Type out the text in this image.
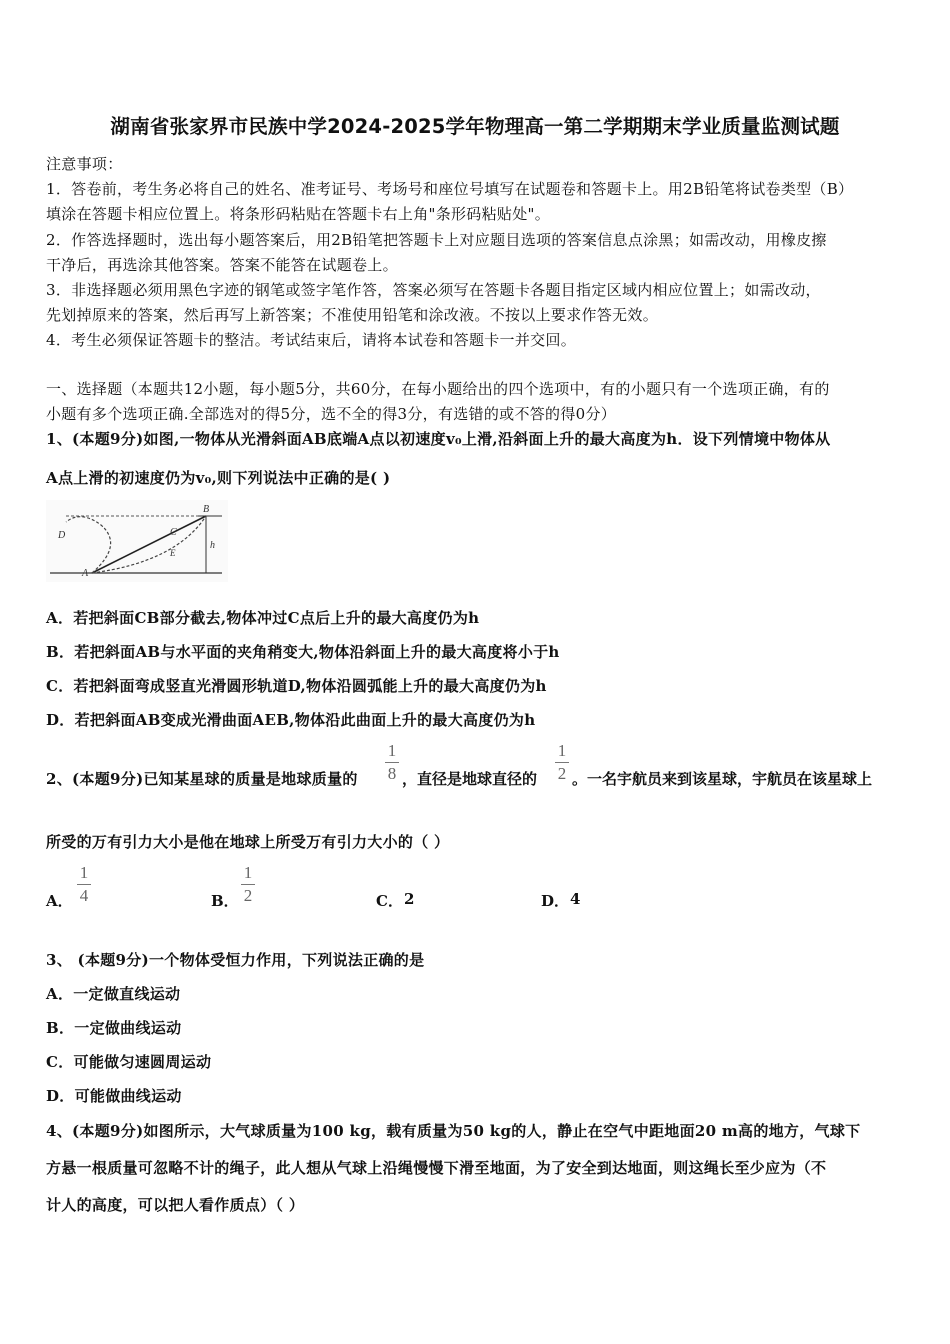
湖南省张家界市民族中学2024-2025学年物理高一第二学期期末学业质量监测试题
注意事项：
1．答卷前，考生务必将自己的姓名、准考证号、考场号和座位号填写在试题卷和答题卡上。用2B铅笔将试卷类型（B）
填涂在答题卡相应位置上。将条形码粘贴在答题卡右上角"条形码粘贴处"。
2．作答选择题时，选出每小题答案后，用2B铅笔把答题卡上对应题目选项的答案信息点涂黑；如需改动，用橡皮擦
干净后，再选涂其他答案。答案不能答在试题卷上。
3．非选择题必须用黑色字迹的钢笔或签字笔作答，答案必须写在答题卡各题目指定区域内相应位置上；如需改动，
先划掉原来的答案，然后再写上新答案；不准使用铅笔和涂改液。不按以上要求作答无效。
4．考生必须保证答题卡的整洁。考试结束后，请将本试卷和答题卡一并交回。
一、选择题（本题共12小题，每小题5分，共60分，在每小题给出的四个选项中，有的小题只有一个选项正确，有的
小题有多个选项正确.全部选对的得5分，选不全的得3分，有选错的或不答的得0分）
1、(本题9分)如图,一物体从光滑斜面AB底端A点以初速度v₀上滑,沿斜面上升的最大高度为h．设下列情境中物体从
A点上滑的初速度仍为v₀,则下列说法中正确的是( )
D	C
E
B
h
A
A．若把斜面CB部分截去,物体冲过C点后上升的最大高度仍为h
B．若把斜面AB与水平面的夹角稍变大,物体沿斜面上升的最大高度将小于h
C．若把斜面弯成竖直光滑圆形轨道D,物体沿圆弧能上升的最大高度仍为h
D．若把斜面AB变成光滑曲面AEB,物体沿此曲面上升的最大高度仍为h
2、(本题9分)已知某星球的质量是地球质量的
1
8 ，直径是地球直径的
1
2 。一名宇航员来到该星球，宇航员在该星球上
所受的万有引力大小是他在地球上所受万有引力大小的（ ）
A．
1
4	B．
1
2	C． 2	D． 4
3、 (本题9分)一个物体受恒力作用，下列说法正确的是
A．一定做直线运动
B．一定做曲线运动
C．可能做匀速圆周运动
D．可能做曲线运动
4、(本题9分)如图所示，大气球质量为100 kg，载有质量为50 kg的人，静止在空气中距地面20 m高的地方，气球下
方悬一根质量可忽略不计的绳子，此人想从气球上沿绳慢慢下滑至地面，为了安全到达地面，则这绳长至少应为（不
计人的高度，可以把人看作质点）（ ）
